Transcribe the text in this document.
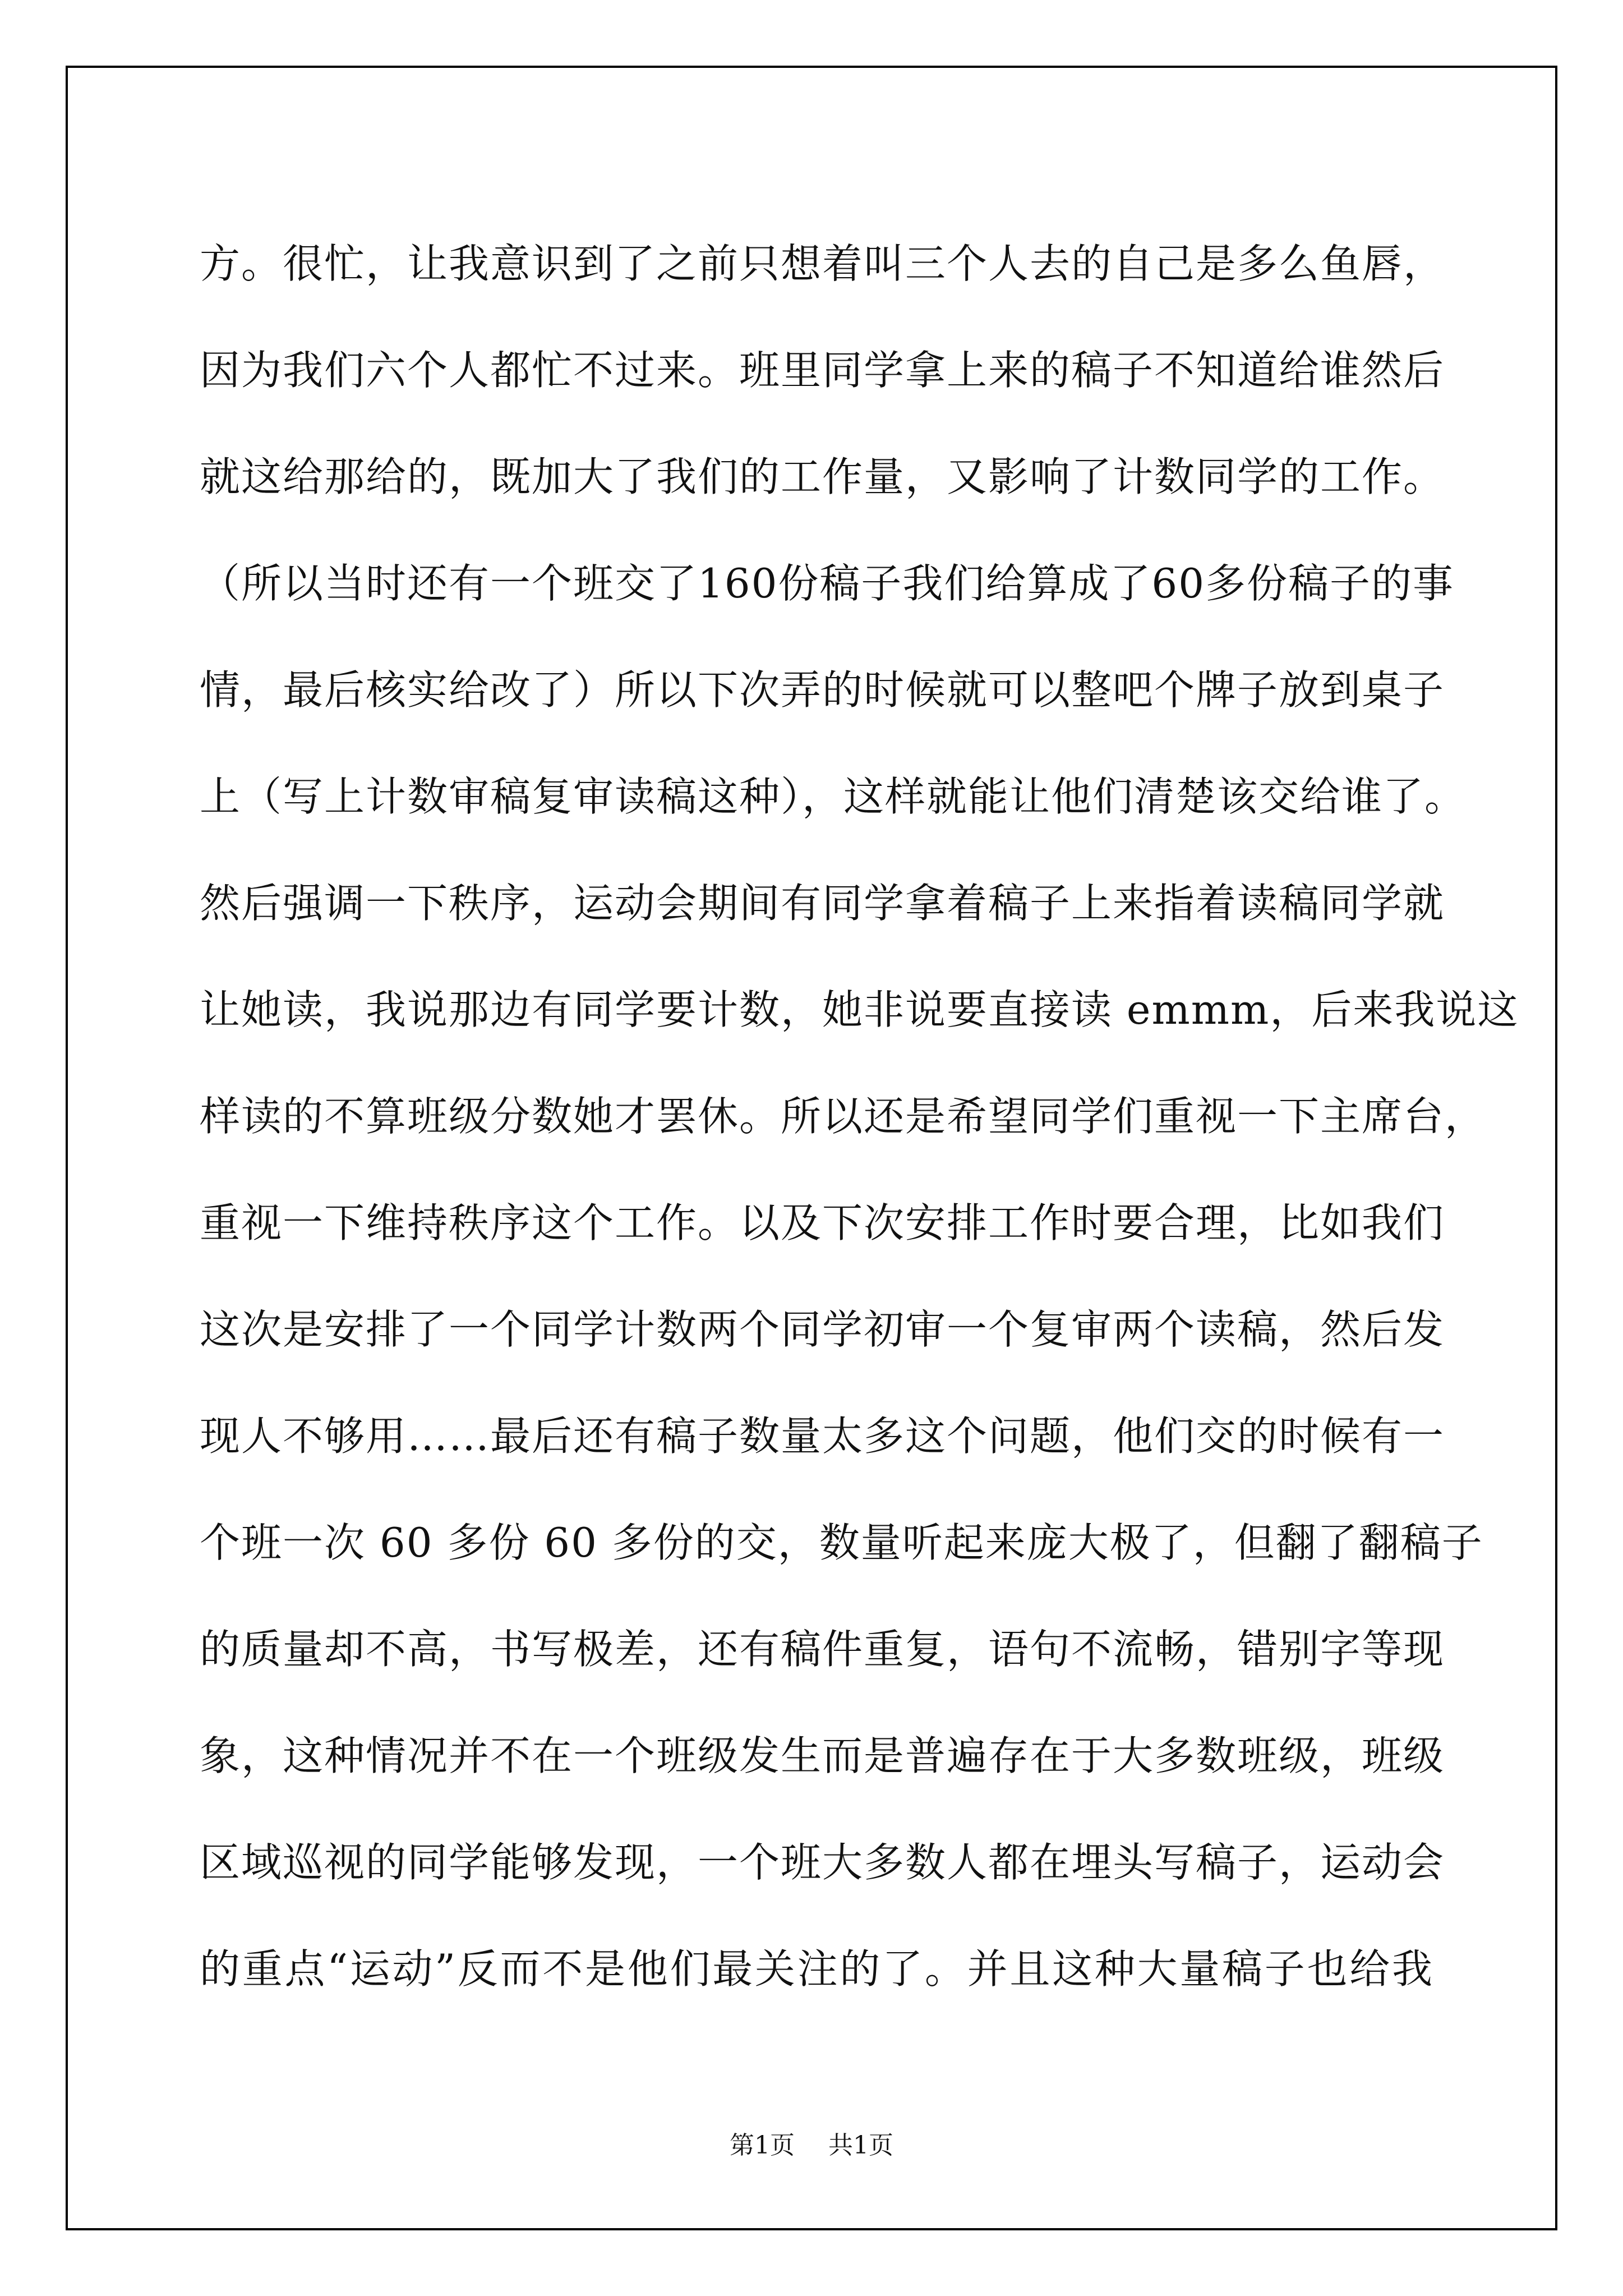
方。很忙，让我意识到了之前只想着叫三个人去的自己是多么鱼唇，
因为我们六个人都忙不过来。班里同学拿上来的稿子不知道给谁然后
就这给那给的，既加大了我们的工作量，又影响了计数同学的工作。
（所以当时还有一个班交了160份稿子我们给算成了60多份稿子的事
情，最后核实给改了）所以下次弄的时候就可以整吧个牌子放到桌子
上（写上计数审稿复审读稿这种），这样就能让他们清楚该交给谁了。
然后强调一下秩序，运动会期间有同学拿着稿子上来指着读稿同学就
让她读，我说那边有同学要计数，她非说要直接读 emmm，后来我说这
样读的不算班级分数她才罢休。所以还是希望同学们重视一下主席台，
重视一下维持秩序这个工作。以及下次安排工作时要合理，比如我们
这次是安排了一个同学计数两个同学初审一个复审两个读稿，然后发
现人不够用……最后还有稿子数量太多这个问题，他们交的时候有一
个班一次 60 多份 60 多份的交，数量听起来庞大极了，但翻了翻稿子
的质量却不高，书写极差，还有稿件重复，语句不流畅，错别字等现
象，这种情况并不在一个班级发生而是普遍存在于大多数班级，班级
区域巡视的同学能够发现，一个班大多数人都在埋头写稿子，运动会
的重点“运动”反而不是他们最关注的了。并且这种大量稿子也给我
第1页 共1页
